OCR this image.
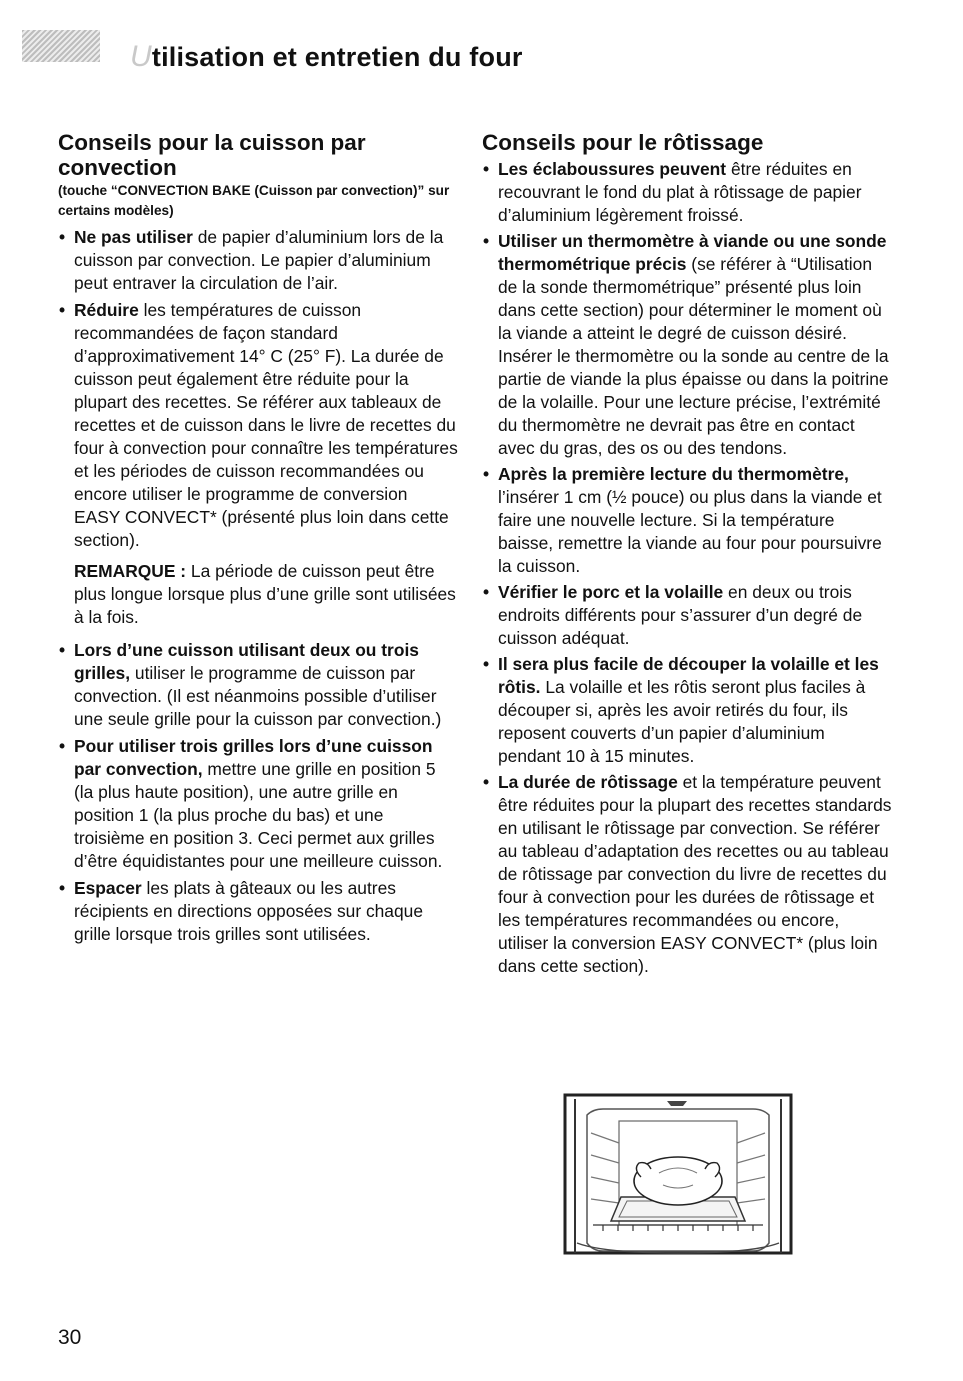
Utilisation et entretien du four
Conseils pour la cuisson par convection
(touche “CONVECTION BAKE (Cuisson par convection)” sur certains modèles)
• Ne pas utiliser de papier d’aluminium lors de la cuisson par convection. Le papier d’aluminium peut entraver la circulation de l’air.
• Réduire les températures de cuisson recommandées de façon standard d’approximativement 14° C (25° F). La durée de cuisson peut également être réduite pour la plupart des recettes. Se référer aux tableaux de recettes et de cuisson dans le livre de recettes du four à convection pour connaître les températures et les périodes de cuisson recommandées ou encore utiliser le programme de conversion EASY CONVECT* (présenté plus loin dans cette section).
REMARQUE : La période de cuisson peut être plus longue lorsque plus d’une grille sont utilisées à la fois.
• Lors d’une cuisson utilisant deux ou trois grilles, utiliser le programme de cuisson par convection. (Il est néanmoins possible d’utiliser une seule grille pour la cuisson par convection.)
• Pour utiliser trois grilles lors d’une cuisson par convection, mettre une grille en position 5 (la plus haute position), une autre grille en position 1 (la plus proche du bas) et une troisième en position 3. Ceci permet aux grilles d’être équidistantes pour une meilleure cuisson.
• Espacer les plats à gâteaux ou les autres récipients en directions opposées sur chaque grille lorsque trois grilles sont utilisées.
Conseils pour le rôtissage
• Les éclaboussures peuvent être réduites en recouvrant le fond du plat à rôtissage de papier d’aluminium légèrement froissé.
• Utiliser un thermomètre à viande ou une sonde thermométrique précis (se référer à “Utilisation de la sonde thermométrique” présenté plus loin dans cette section) pour déterminer le moment où la viande a atteint le degré de cuisson désiré. Insérer le thermomètre ou la sonde au centre de la partie de viande la plus épaisse ou dans la poitrine de la volaille. Pour une lecture précise, l’extrémité du thermomètre ne devrait pas être en contact avec du gras, des os ou des tendons.
• Après la première lecture du thermomètre, l’insérer 1 cm (½ pouce) ou plus dans la viande et faire une nouvelle lecture. Si la température baisse, remettre la viande au four pour poursuivre la cuisson.
• Vérifier le porc et la volaille en deux ou trois endroits différents pour s’assurer d’un degré de cuisson adéquat.
• Il sera plus facile de découper la volaille et les rôtis. La volaille et les rôtis seront plus faciles à découper si, après les avoir retirés du four, ils reposent couverts d’un papier d’aluminium pendant 10 à 15 minutes.
• La durée de rôtissage et la température peuvent être réduites pour la plupart des recettes standards en utilisant le rôtissage par convection. Se référer au tableau d’adaptation des recettes ou au tableau de rôtissage par convection du livre de recettes du four à convection pour les durées de rôtissage et les températures recommandées ou encore, utiliser la conversion EASY CONVECT* (plus loin dans cette section).
30
